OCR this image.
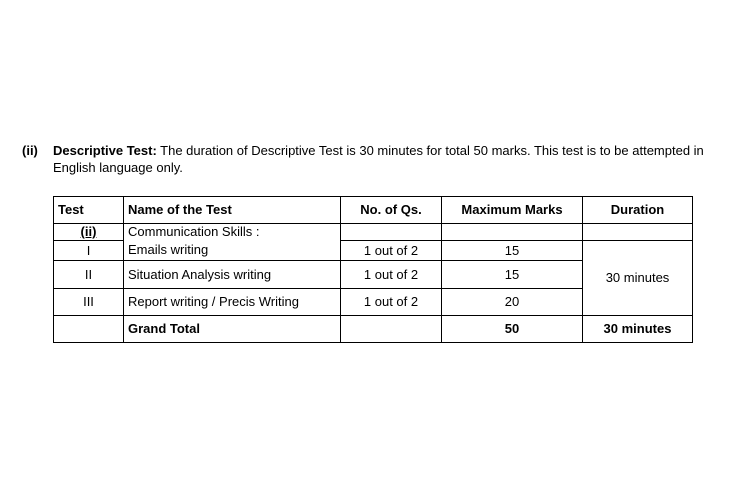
(ii) Descriptive Test: The duration of Descriptive Test is 30 minutes for total 50 marks. This test is to be attempted in English language only.
Test	Name of the Test	No. of Qs.	Maximum Marks	Duration
(ii)	Communication Skills :			
I	Emails writing	1 out of 2	15	30 minutes
II	Situation Analysis writing	1 out of 2	15	
III	Report writing / Precis Writing	1 out of 2	20	
	Grand Total		50	30 minutes
